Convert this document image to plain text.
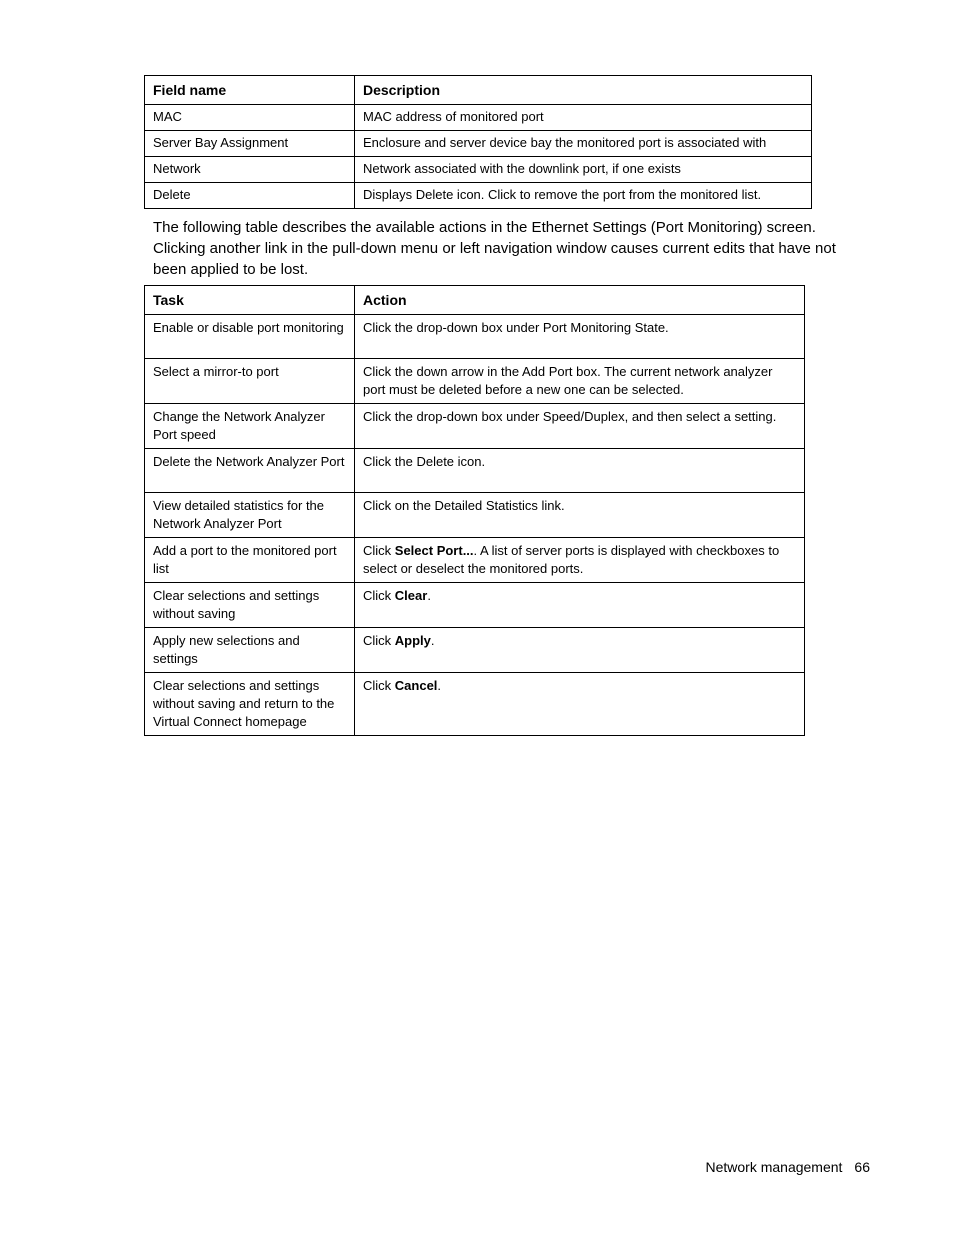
Field name	Description
MAC	MAC address of monitored port
Server Bay Assignment	Enclosure and server device bay the monitored port is associated with
Network	Network associated with the downlink port, if one exists
Delete	Displays Delete icon. Click to remove the port from the monitored list.

The following table describes the available actions in the Ethernet Settings (Port Monitoring) screen. Clicking another link in the pull-down menu or left navigation window causes current edits that have not been applied to be lost.

Task	Action
Enable or disable port monitoring	Click the drop-down box under Port Monitoring State.
Select a mirror-to port	Click the down arrow in the Add Port box. The current network analyzer port must be deleted before a new one can be selected.
Change the Network Analyzer Port speed	Click the drop-down box under Speed/Duplex, and then select a setting.
Delete the Network Analyzer Port	Click the Delete icon.
View detailed statistics for the Network Analyzer Port	Click on the Detailed Statistics link.
Add a port to the monitored port list	Click Select Port.... A list of server ports is displayed with checkboxes to select or deselect the monitored ports.
Clear selections and settings without saving	Click Clear.
Apply new selections and settings	Click Apply.
Clear selections and settings without saving and return to the Virtual Connect homepage	Click Cancel.
Network management 66
